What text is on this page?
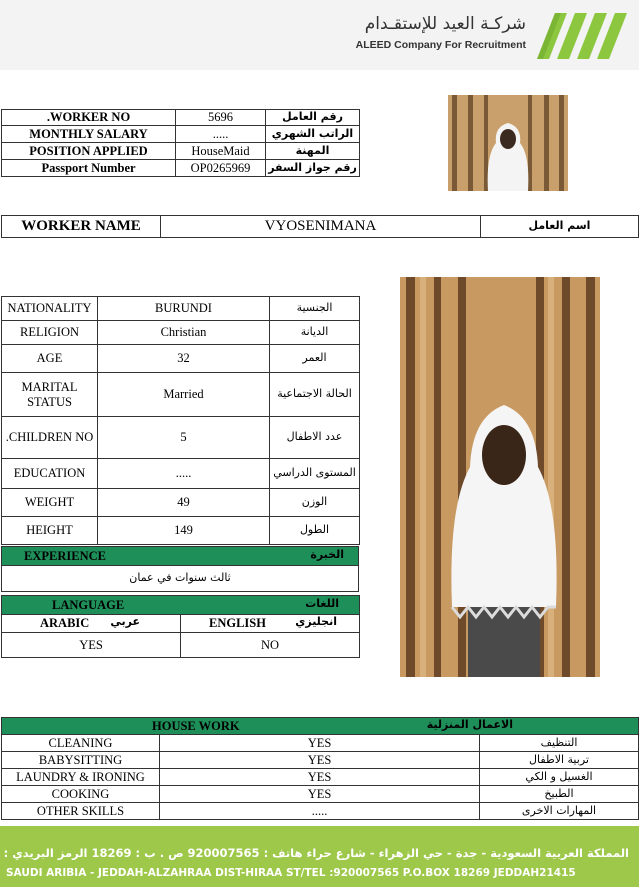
شركـة العيد للإستقـدام
ALEED Company For Recruitment
.WORKER NO	5696	رقم العامل
MONTHLY SALARY	.....	الراتب الشهري
POSITION APPLIED	HouseMaid	المهنة
Passport Number	OP0265969	رقم جواز السفر
WORKER NAME	VYOSENIMANA	اسم العامل
NATIONALITY	BURUNDI	الجنسية
RELIGION	Christian	الديانة
AGE	32	العمر
MARITAL STATUS	Married	الحالة الاجتماعية
.CHILDREN NO	5	عدد الاطفال
EDUCATION	.....	المستوى الدراسي
WEIGHT	49	الوزن
HEIGHT	149	الطول
EXPERIENCE	الخبرة

ثالث سنوات في عمان
LANGUAGE اللغات	

ARABIC عربي	ENGLISH انجليزي

YES	NO
HOUSE WORK الاعمال المنزلية		

CLEANING	YES	التنظيف
BABYSITTING	YES	تربية الاطفال
LAUNDRY & IRONING	YES	الغسيل و الكي
COOKING	YES	الطبيخ
OTHER SKILLS	.....	المهارات الاخرى
المملكة العربية السعودية - جدة - حي الزهراء - شارع حراء هاتف : 920007565 ص . ب : 18269 الرمز البريدي :
SAUDI ARIBIA - JEDDAH-ALZAHRAA DIST-HIRAA ST/TEL :920007565 P.O.BOX 18269 JEDDAH21415
